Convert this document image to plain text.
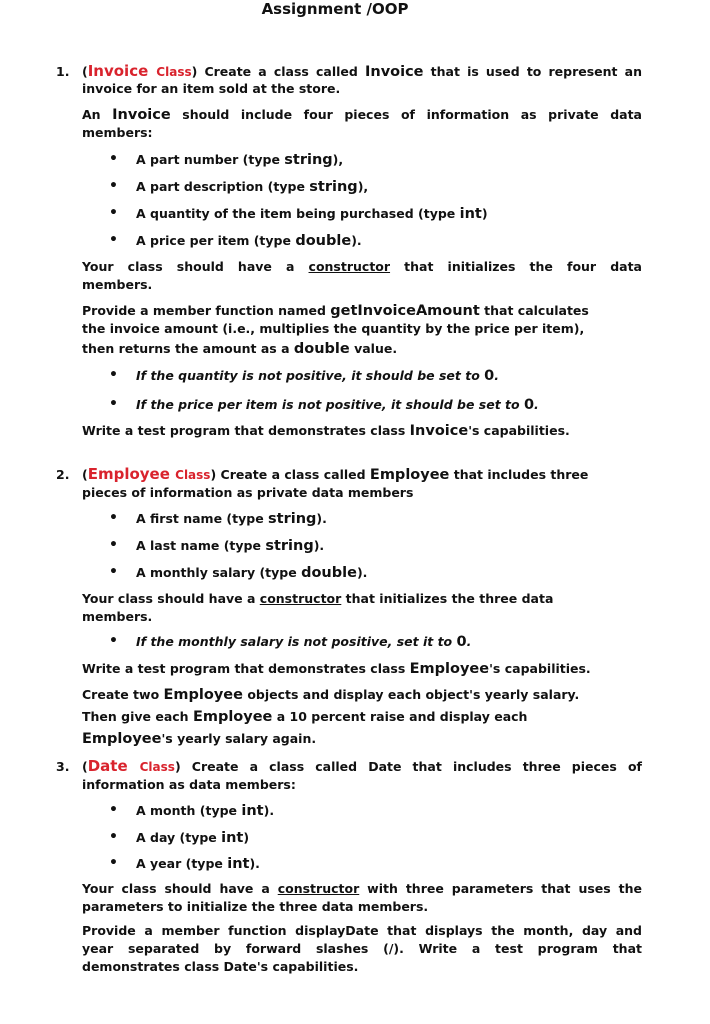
Assignment /OOP
1. (Invoice Class) Create a class called Invoice that is used to represent an
invoice for an item sold at the store.
An Invoice should include four pieces of information as private data
members:
• A part number (type string),
• A part description (type string),
• A quantity of the item being purchased (type int)
• A price per item (type double).
Your class should have a constructor that initializes the four data
members.
Provide a member function named getInvoiceAmount that calculates
the invoice amount (i.e., multiplies the quantity by the price per item),
then returns the amount as a double value.
• If the quantity is not positive, it should be set to 0.
• If the price per item is not positive, it should be set to 0.
Write a test program that demonstrates class Invoice's capabilities.
2. (Employee Class) Create a class called Employee that includes three
pieces of information as private data members
• A first name (type string).
• A last name (type string).
• A monthly salary (type double).
Your class should have a constructor that initializes the three data
members.
• If the monthly salary is not positive, set it to 0.
Write a test program that demonstrates class Employee's capabilities.
Create two Employee objects and display each object's yearly salary.
Then give each Employee a 10 percent raise and display each
Employee's yearly salary again.
3. (Date Class) Create a class called Date that includes three pieces of
information as data members:
• A month (type int).
• A day (type int)
• A year (type int).
Your class should have a constructor with three parameters that uses the
parameters to initialize the three data members.
Provide a member function displayDate that displays the month, day and
year separated by forward slashes (/). Write a test program that
demonstrates class Date's capabilities.
